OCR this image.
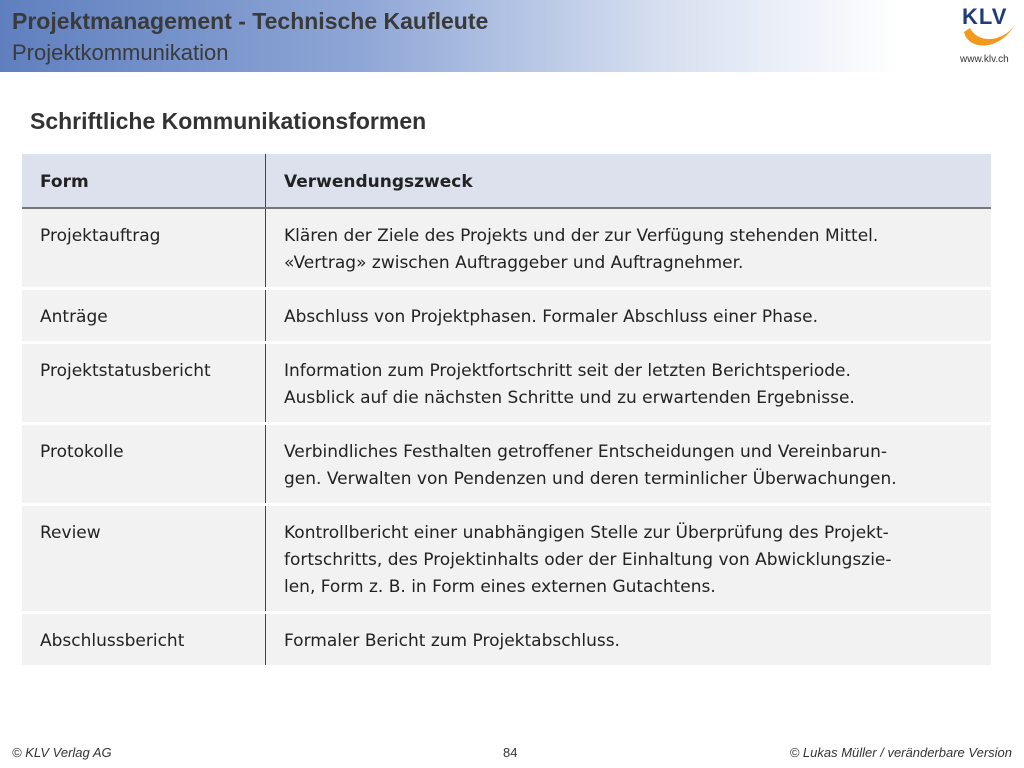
Projektmanagement - Technische Kaufleute
Projektkommunikation
KLV
www.klv.ch
Schriftliche Kommunikationsformen
Form	Verwendungszweck
Projektauftrag	Klären der Ziele des Projekts und der zur Verfügung stehenden Mittel.
«Vertrag» zwischen Auftraggeber und Auftragnehmer.
Anträge	Abschluss von Projektphasen. Formaler Abschluss einer Phase.
Projektstatusbericht	Information zum Projektfortschritt seit der letzten Berichtsperiode.
Ausblick auf die nächsten Schritte und zu erwartenden Ergebnisse.
Protokolle	Verbindliches Festhalten getroffener Entscheidungen und Vereinbarun-
gen. Verwalten von Pendenzen und deren terminlicher Überwachungen.
Review	Kontrollbericht einer unabhängigen Stelle zur Überprüfung des Projekt-
fortschritts, des Projektinhalts oder der Einhaltung von Abwicklungszie-
len, Form z. B. in Form eines externen Gutachtens.
Abschlussbericht	Formaler Bericht zum Projektabschluss.
© KLV Verlag AG	84	© Lukas Müller / veränderbare Version
